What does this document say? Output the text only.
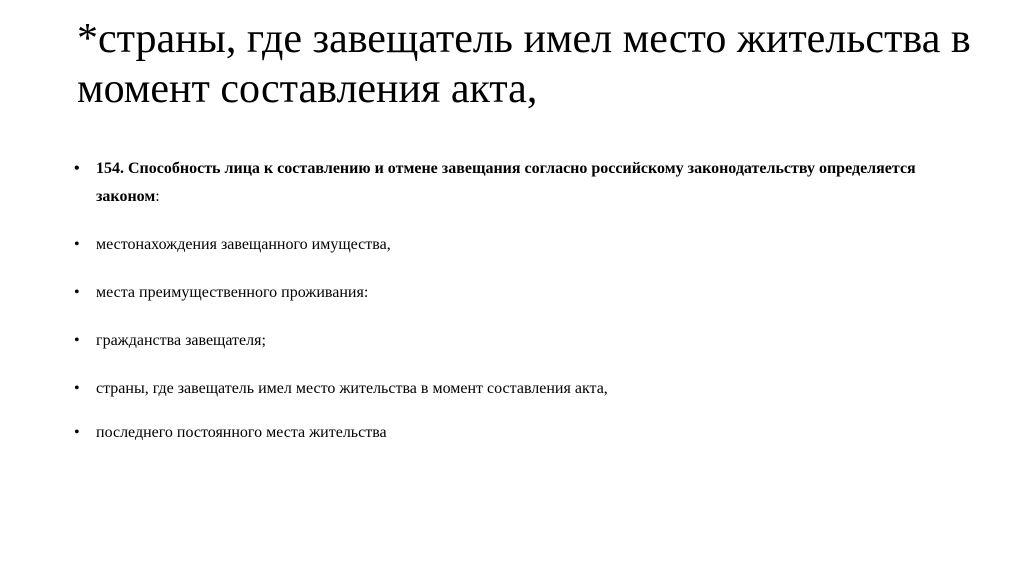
*страны, где завещатель имел место жительства в момент составления акта,
• 154. Способность лица к составлению и отмене завещания согласно российскому законодательству определяется законом:
• местонахождения завещанного имущества,
• места преимущественного проживания:
• гражданства завещателя;
• страны, где завещатель имел место жительства в момент составления акта,
• последнего постоянного места жительства
